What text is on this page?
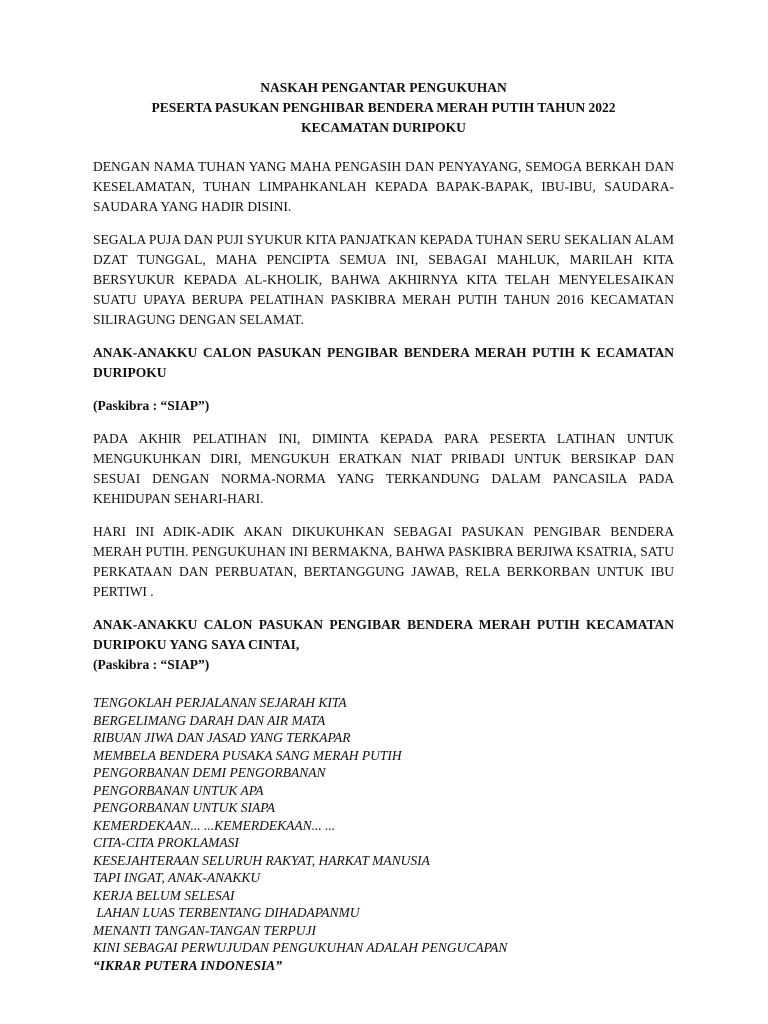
NASKAH PENGANTAR PENGUKUHAN

PESERTA PASUKAN PENGHIBAR BENDERA MERAH PUTIH TAHUN 2022

KECAMATAN DURIPOKU

DENGAN NAMA TUHAN YANG MAHA PENGASIH DAN PENYAYANG, SEMOGA BERKAH DAN KESELAMATAN, TUHAN LIMPAHKANLAH KEPADA BAPAK-BAPAK, IBU-IBU, SAUDARA-SAUDARA YANG HADIR DISINI.

SEGALA PUJA DAN PUJI SYUKUR KITA PANJATKAN KEPADA TUHAN SERU SEKALIAN ALAM DZAT TUNGGAL, MAHA PENCIPTA SEMUA INI, SEBAGAI MAHLUK, MARILAH KITA BERSYUKUR KEPADA AL-KHOLIK, BAHWA AKHIRNYA KITA TELAH MENYELESAIKAN SUATU UPAYA BERUPA PELATIHAN PASKIBRA MERAH PUTIH TAHUN 2016 KECAMATAN SILIRAGUNG DENGAN SELAMAT.

ANAK-ANAKKU CALON PASUKAN PENGIBAR BENDERA MERAH PUTIH K ECAMATAN DURIPOKU

(Paskibra : “SIAP”)

PADA AKHIR PELATIHAN INI, DIMINTA KEPADA PARA PESERTA LATIHAN UNTUK MENGUKUHKAN DIRI, MENGUKUH ERATKAN NIAT PRIBADI UNTUK BERSIKAP DAN SESUAI DENGAN NORMA-NORMA YANG TERKANDUNG DALAM PANCASILA PADA KEHIDUPAN SEHARI-HARI.

HARI INI ADIK-ADIK AKAN DIKUKUHKAN SEBAGAI PASUKAN PENGIBAR BENDERA MERAH PUTIH. PENGUKUHAN INI BERMAKNA, BAHWA PASKIBRA BERJIWA KSATRIA, SATU PERKATAAN DAN PERBUATAN, BERTANGGUNG JAWAB, RELA BERKORBAN UNTUK IBU PERTIWI .

ANAK-ANAKKU CALON PASUKAN PENGIBAR BENDERA MERAH PUTIH KECAMATAN DURIPOKU YANG SAYA CINTAI,

(Paskibra : “SIAP”)

TENGOKLAH PERJALANAN SEJARAH KITA

BERGELIMANG DARAH DAN AIR MATA

RIBUAN JIWA DAN JASAD YANG TERKAPAR

MEMBELA BENDERA PUSAKA SANG MERAH PUTIH

PENGORBANAN DEMI PENGORBANAN

PENGORBANAN UNTUK APA

PENGORBANAN UNTUK SIAPA

KEMERDEKAAN... ...KEMERDEKAAN... ...

CITA-CITA PROKLAMASI

KESEJAHTERAAN SELURUH RAKYAT, HARKAT MANUSIA

TAPI INGAT, ANAK-ANAKKU

KERJA BELUM SELESAI

LAHAN LUAS TERBENTANG DIHADAPANMU

MENANTI TANGAN-TANGAN TERPUJI

KINI SEBAGAI PERWUJUDAN PENGUKUHAN ADALAH PENGUCAPAN

“IKRAR PUTERA INDONESIA”
